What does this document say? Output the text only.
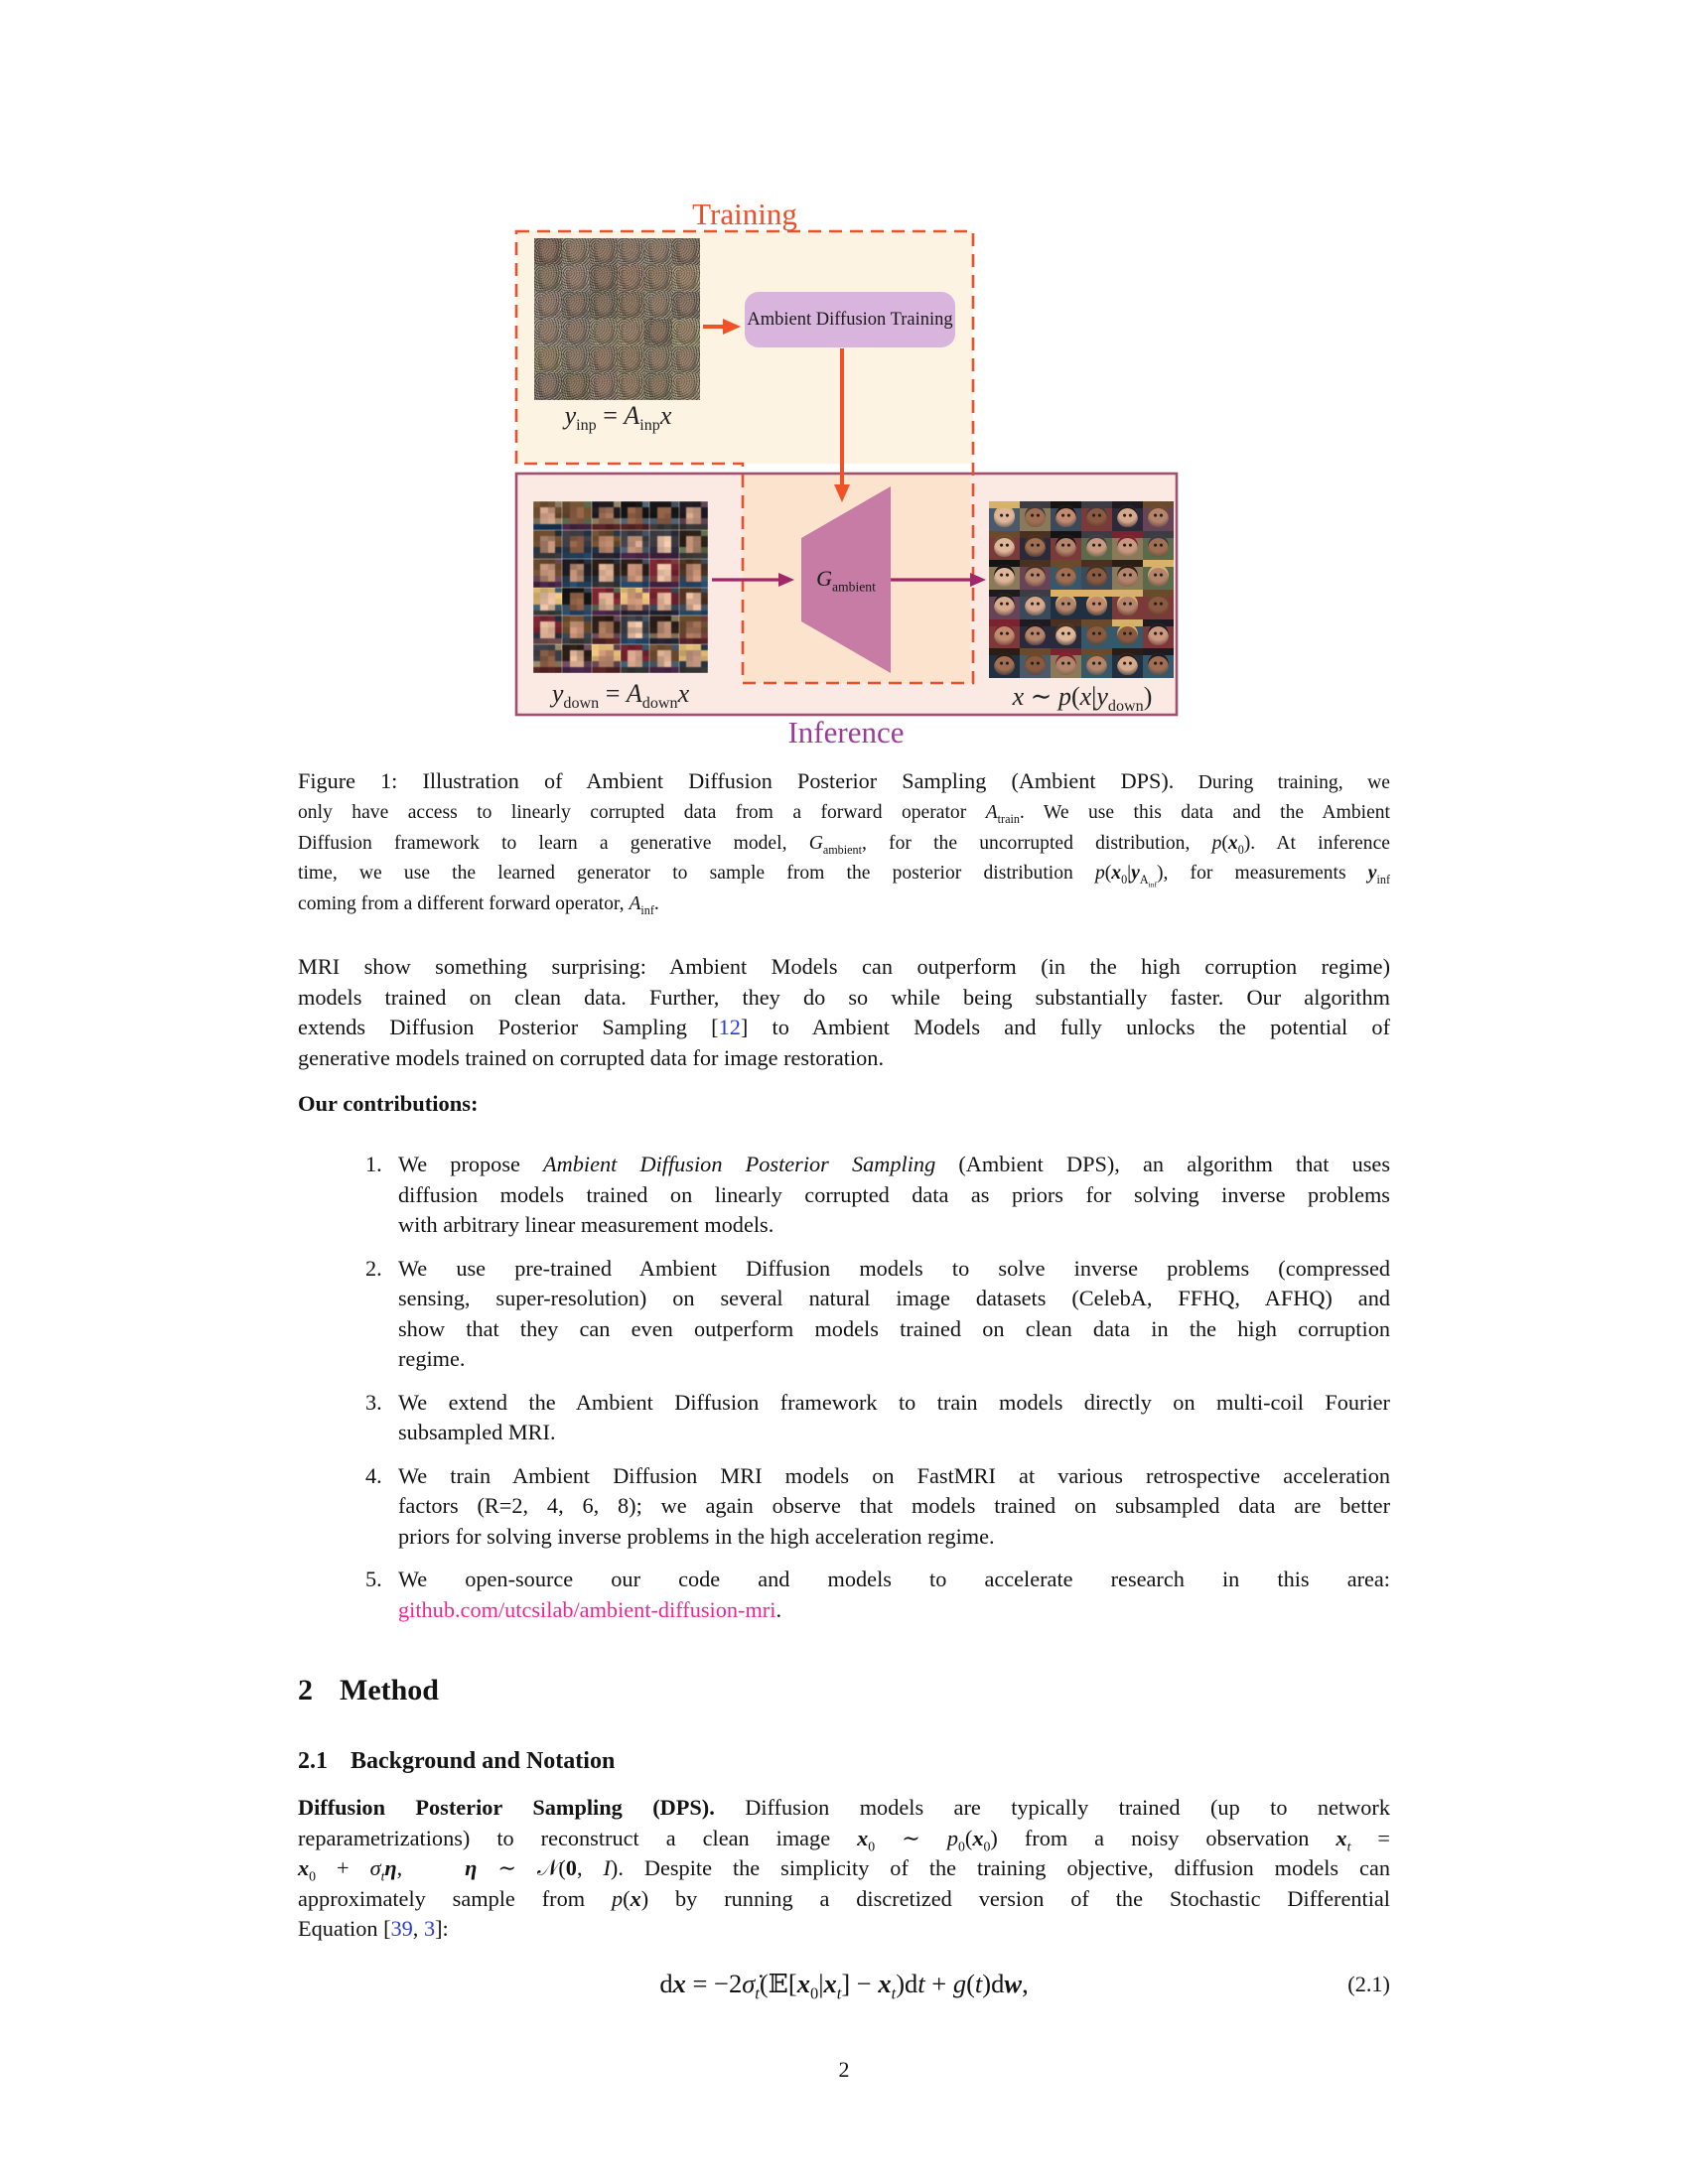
Training
Inference
Ambient Diffusion Training
$G_{ambient}$
$y_{inp} = A_{inp}x$
$y_{down} = A_{down}x$	x ∼ $p(x|y_{down})$
Figure 1: Illustration of Ambient Diffusion Posterior Sampling (Ambient DPS). During training, we
only have access to linearly corrupted data from a forward operator $A_{train}$. We use this data and the Ambient
Diffusion framework to learn a generative model, $G_{ambient}$, for the uncorrupted distribution, $p(x_0)$. At inference
time, we use the learned generator to sample from the posterior distribution $p(x_0|y_{A_{inf}})$, for measurements $y_{inf}$
coming from a different forward operator, $A_{inf}$.
MRI show something surprising: Ambient Models can outperform (in the high corruption regime)
models trained on clean data. Further, they do so while being substantially faster. Our algorithm
extends Diffusion Posterior Sampling [12] to Ambient Models and fully unlocks the potential of
generative models trained on corrupted data for image restoration.
Our contributions:
1. We propose Ambient Diffusion Posterior Sampling (Ambient DPS), an algorithm that uses
diffusion models trained on linearly corrupted data as priors for solving inverse problems
with arbitrary linear measurement models.
2. We use pre-trained Ambient Diffusion models to solve inverse problems (compressed
sensing, super-resolution) on several natural image datasets (CelebA, FFHQ, AFHQ) and
show that they can even outperform models trained on clean data in the high corruption
regime.
3. We extend the Ambient Diffusion framework to train models directly on multi-coil Fourier
subsampled MRI.
4. We train Ambient Diffusion MRI models on FastMRI at various retrospective acceleration
factors (R=2, 4, 6, 8); we again observe that models trained on subsampled data are better
priors for solving inverse problems in the high acceleration regime.
5. We open-source our code and models to accelerate research in this area:
github.com/utcsilab/ambient-diffusion-mri.
2 Method
2.1 Background and Notation
Diffusion Posterior Sampling (DPS). Diffusion models are typically trained (up to network
reparametrizations) to reconstruct a clean image $x_0$ ∼ $p_0(x_0)$ from a noisy observation $x_t$ =
$x_0 + \sigma_t\eta$,   η ∼ 𝒩(0, I). Despite the simplicity of the training objective, diffusion models can
approximately sample from p(x) by running a discretized version of the Stochastic Differential
Equation [39, 3]:
dx = $-2\sigmȧ_t(𝔼[x_0|x_t] - x_t)dt + g(t)dw$,	(2.1)
2
